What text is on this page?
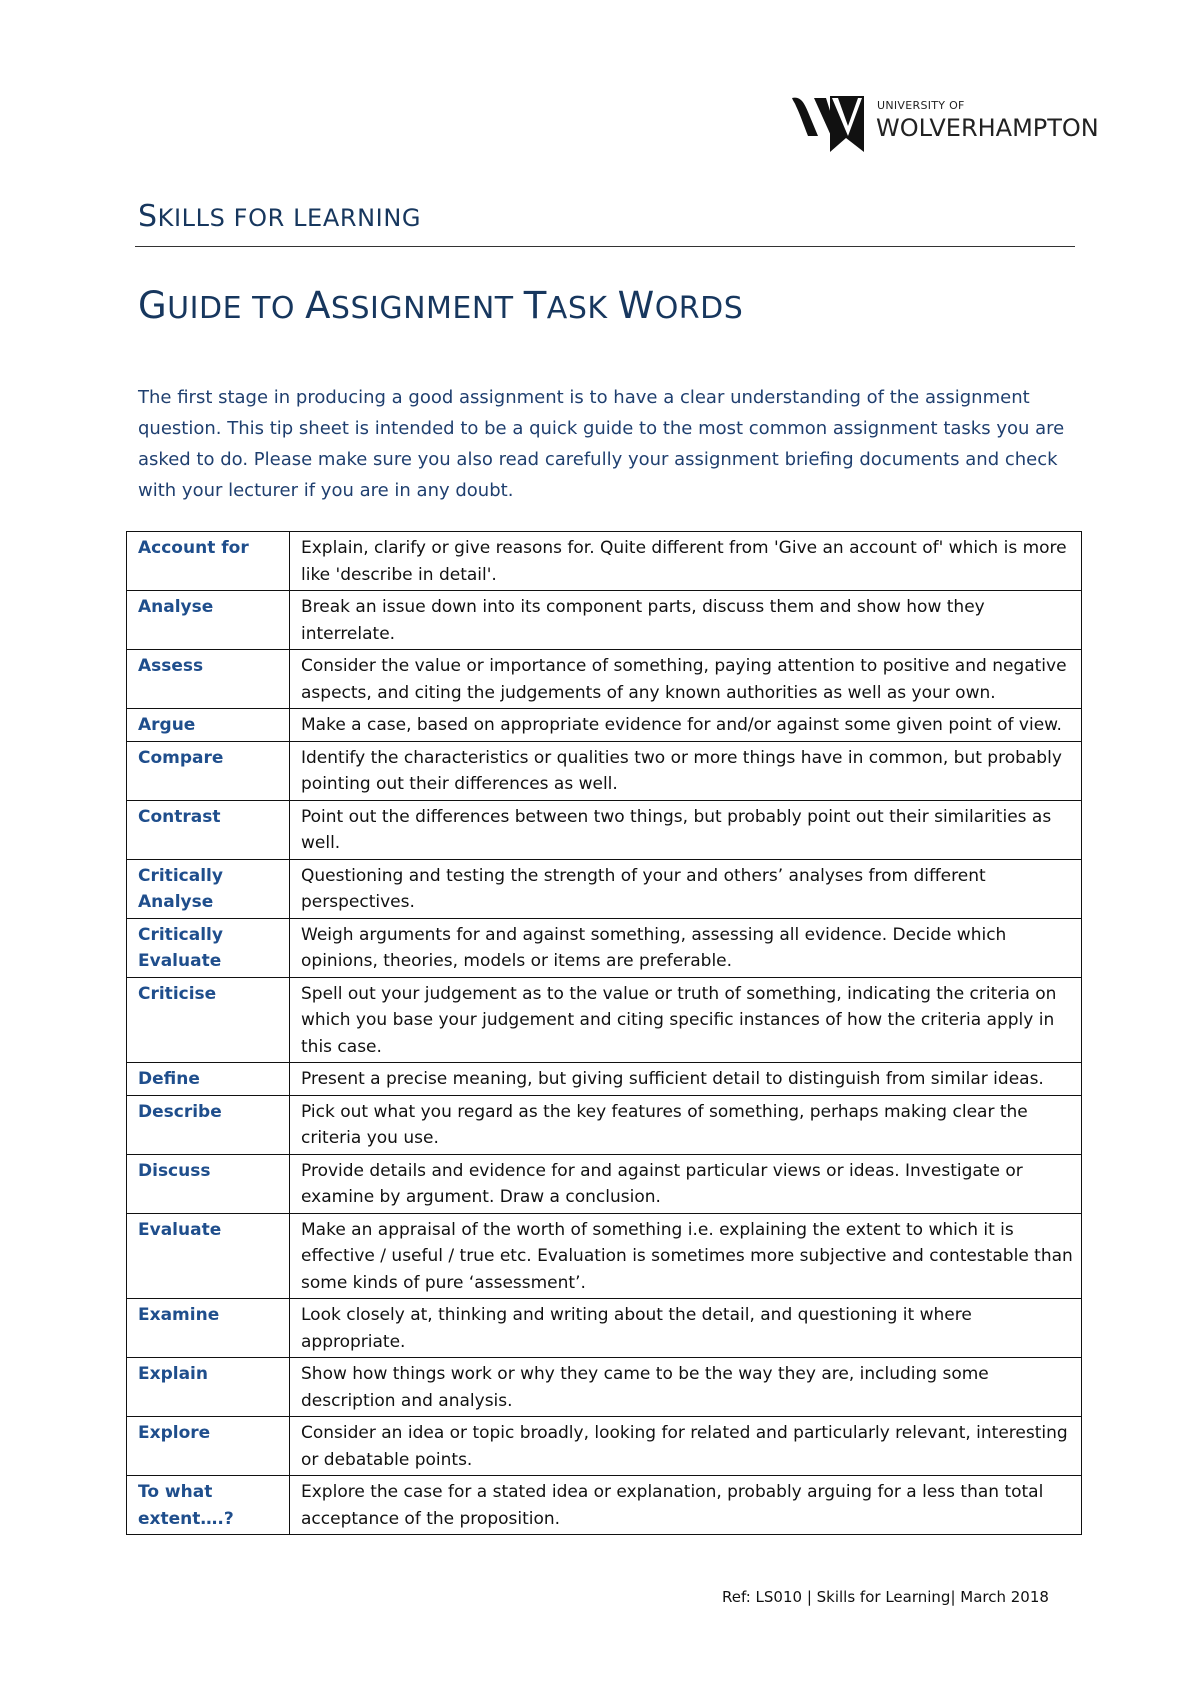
UNIVERSITY OF
WOLVERHAMPTON
SKILLS FOR LEARNING
GUIDE TO ASSIGNMENT TASK WORDS

The first stage in producing a good assignment is to have a clear understanding of the assignment question. This tip sheet is intended to be a quick guide to the most common assignment tasks you are asked to do. Please make sure you also read carefully your assignment briefing documents and check with your lecturer if you are in any doubt.

Account for	Explain, clarify or give reasons for. Quite different from 'Give an account of' which is more like 'describe in detail'.
Analyse	Break an issue down into its component parts, discuss them and show how they interrelate.
Assess	Consider the value or importance of something, paying attention to positive and negative aspects, and citing the judgements of any known authorities as well as your own.
Argue	Make a case, based on appropriate evidence for and/or against some given point of view.
Compare	Identify the characteristics or qualities two or more things have in common, but probably pointing out their differences as well.
Contrast	Point out the differences between two things, but probably point out their similarities as well.
Critically Analyse	Questioning and testing the strength of your and others’ analyses from different perspectives.
Critically Evaluate	Weigh arguments for and against something, assessing all evidence. Decide which opinions, theories, models or items are preferable.
Criticise	Spell out your judgement as to the value or truth of something, indicating the criteria on which you base your judgement and citing specific instances of how the criteria apply in this case.
Define	Present a precise meaning, but giving sufficient detail to distinguish from similar ideas.
Describe	Pick out what you regard as the key features of something, perhaps making clear the criteria you use.
Discuss	Provide details and evidence for and against particular views or ideas. Investigate or examine by argument. Draw a conclusion.
Evaluate	Make an appraisal of the worth of something i.e. explaining the extent to which it is effective / useful / true etc. Evaluation is sometimes more subjective and contestable than some kinds of pure ‘assessment’.
Examine	Look closely at, thinking and writing about the detail, and questioning it where appropriate.
Explain	Show how things work or why they came to be the way they are, including some description and analysis.
Explore	Consider an idea or topic broadly, looking for related and particularly relevant, interesting or debatable points.
To what extent….?	Explore the case for a stated idea or explanation, probably arguing for a less than total acceptance of the proposition.
Ref: LS010 | Skills for Learning| March 2018
